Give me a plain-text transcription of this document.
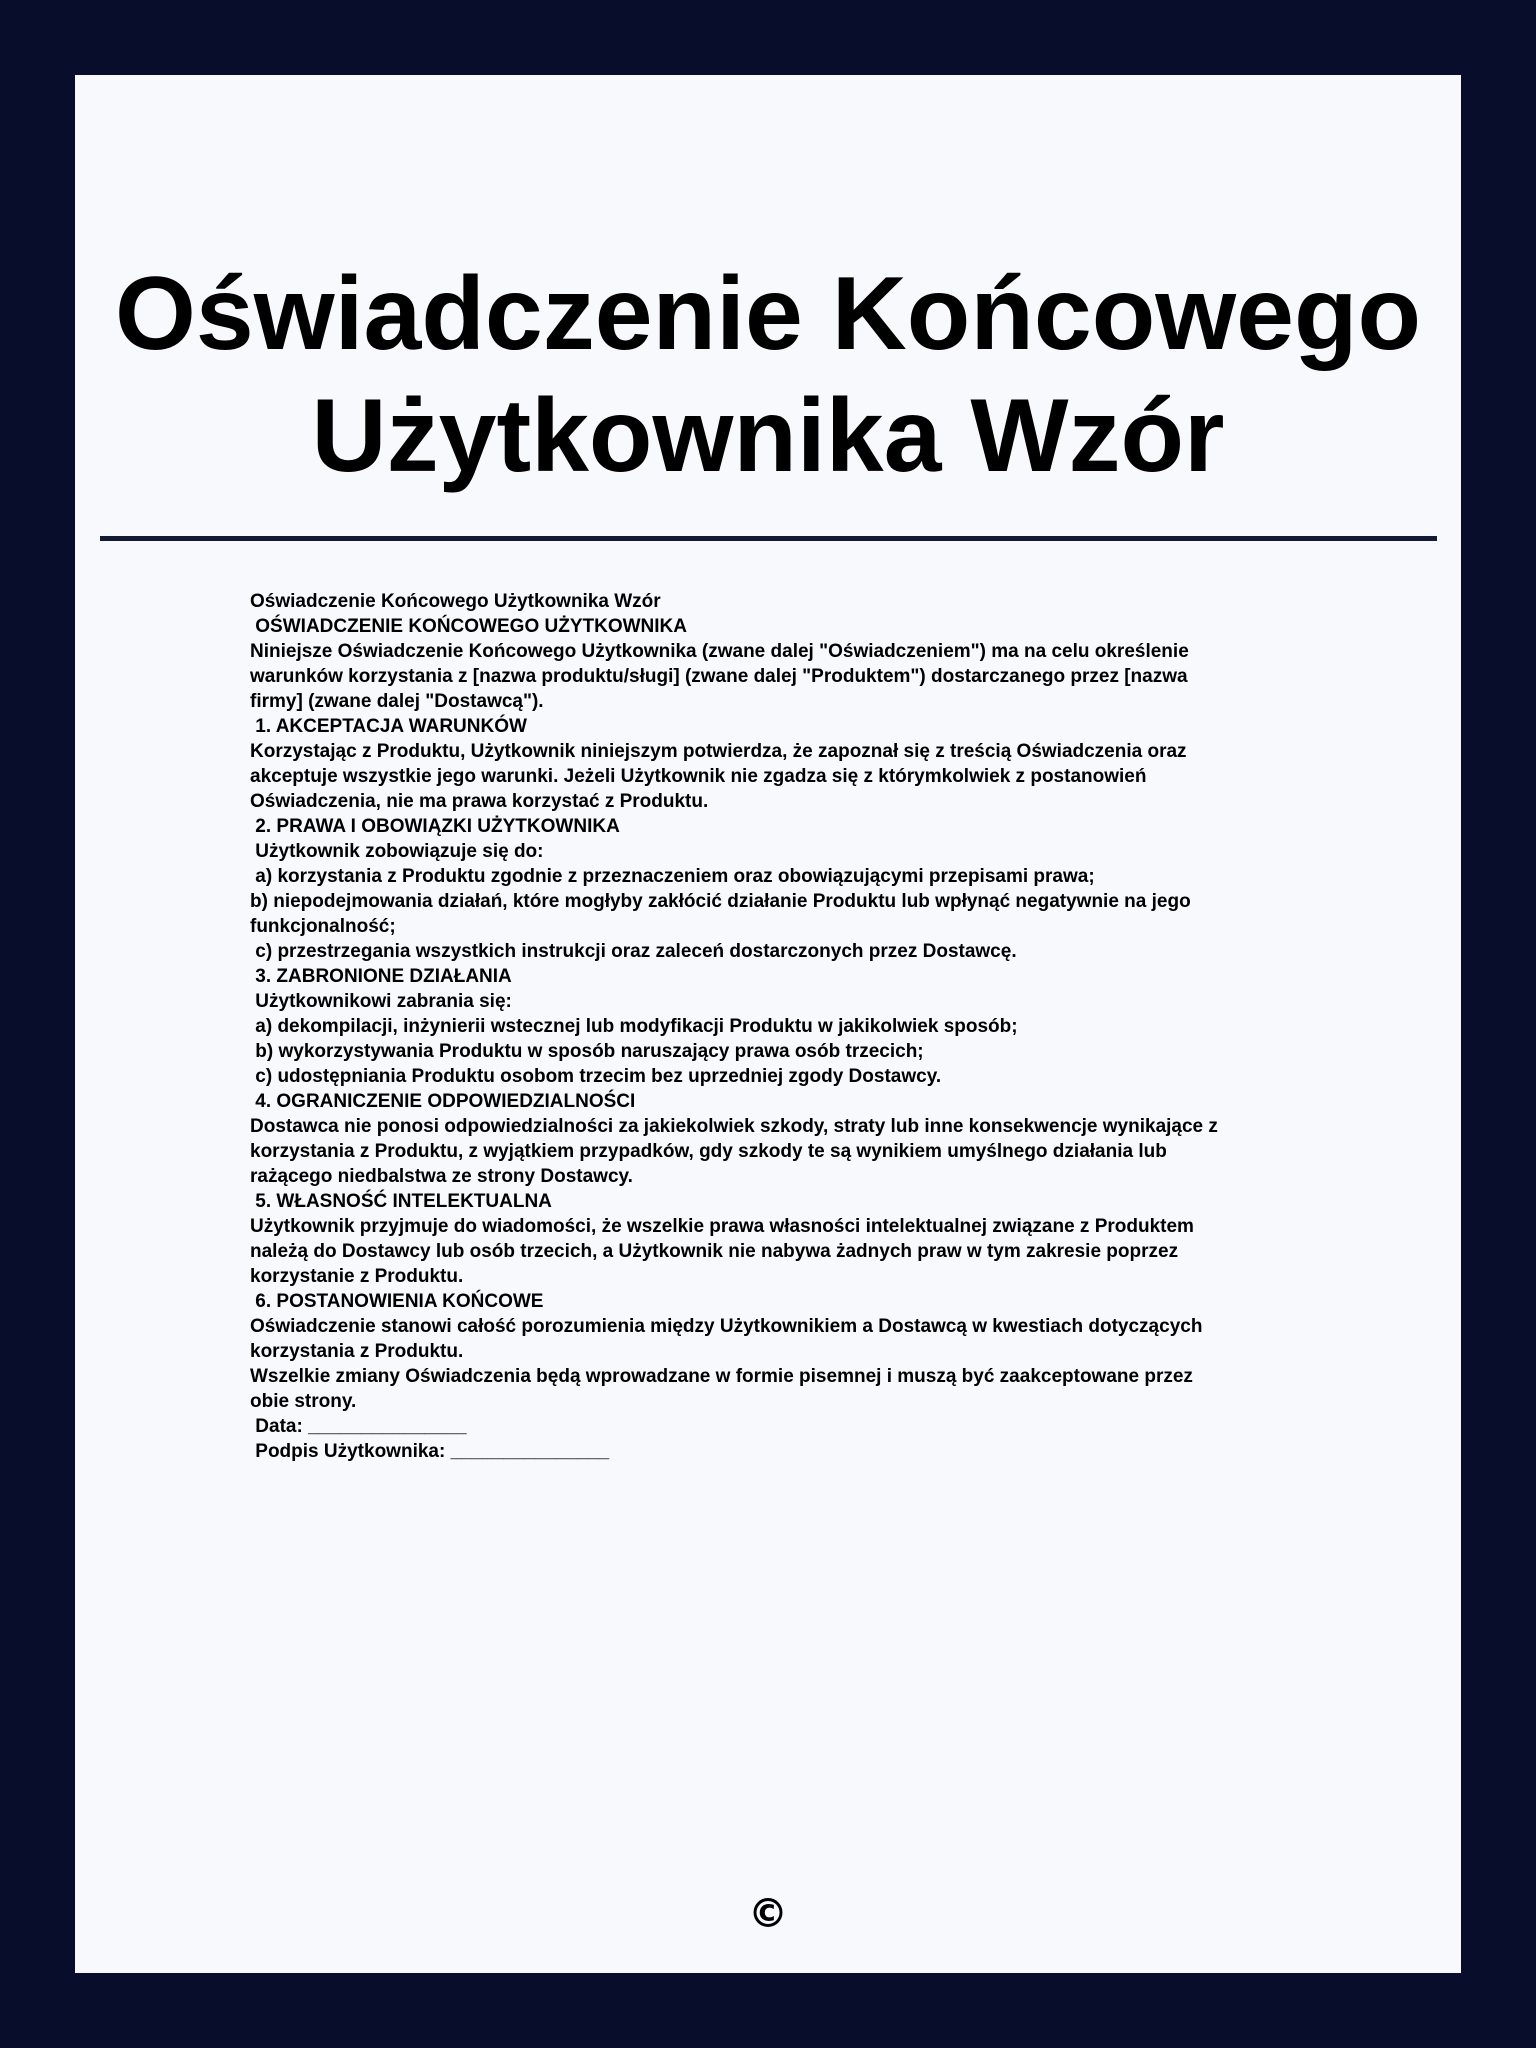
Oświadczenie Końcowego
Użytkownika Wzór

Oświadczenie Końcowego Użytkownika Wzór

OŚWIADCZENIE KOŃCOWEGO UŻYTKOWNIKA

Niniejsze Oświadczenie Końcowego Użytkownika (zwane dalej "Oświadczeniem") ma na celu określenie

warunków korzystania z [nazwa produktu/sługi] (zwane dalej "Produktem") dostarczanego przez [nazwa

firmy] (zwane dalej "Dostawcą").

1. AKCEPTACJA WARUNKÓW

Korzystając z Produktu, Użytkownik niniejszym potwierdza, że zapoznał się z treścią Oświadczenia oraz

akceptuje wszystkie jego warunki. Jeżeli Użytkownik nie zgadza się z którymkolwiek z postanowień

Oświadczenia, nie ma prawa korzystać z Produktu.

2. PRAWA I OBOWIĄZKI UŻYTKOWNIKA

Użytkownik zobowiązuje się do:

a) korzystania z Produktu zgodnie z przeznaczeniem oraz obowiązującymi przepisami prawa;

b) niepodejmowania działań, które mogłyby zakłócić działanie Produktu lub wpłynąć negatywnie na jego

funkcjonalność;

c) przestrzegania wszystkich instrukcji oraz zaleceń dostarczonych przez Dostawcę.

3. ZABRONIONE DZIAŁANIA

Użytkownikowi zabrania się:

a) dekompilacji, inżynierii wstecznej lub modyfikacji Produktu w jakikolwiek sposób;

b) wykorzystywania Produktu w sposób naruszający prawa osób trzecich;

c) udostępniania Produktu osobom trzecim bez uprzedniej zgody Dostawcy.

4. OGRANICZENIE ODPOWIEDZIALNOŚCI

Dostawca nie ponosi odpowiedzialności za jakiekolwiek szkody, straty lub inne konsekwencje wynikające z

korzystania z Produktu, z wyjątkiem przypadków, gdy szkody te są wynikiem umyślnego działania lub

rażącego niedbalstwa ze strony Dostawcy.

5. WŁASNOŚĆ INTELEKTUALNA

Użytkownik przyjmuje do wiadomości, że wszelkie prawa własności intelektualnej związane z Produktem

należą do Dostawcy lub osób trzecich, a Użytkownik nie nabywa żadnych praw w tym zakresie poprzez

korzystanie z Produktu.

6. POSTANOWIENIA KOŃCOWE

Oświadczenie stanowi całość porozumienia między Użytkownikiem a Dostawcą w kwestiach dotyczących

korzystania z Produktu.

Wszelkie zmiany Oświadczenia będą wprowadzane w formie pisemnej i muszą być zaakceptowane przez

obie strony.

Data: _______________

Podpis Użytkownika: _______________

©
